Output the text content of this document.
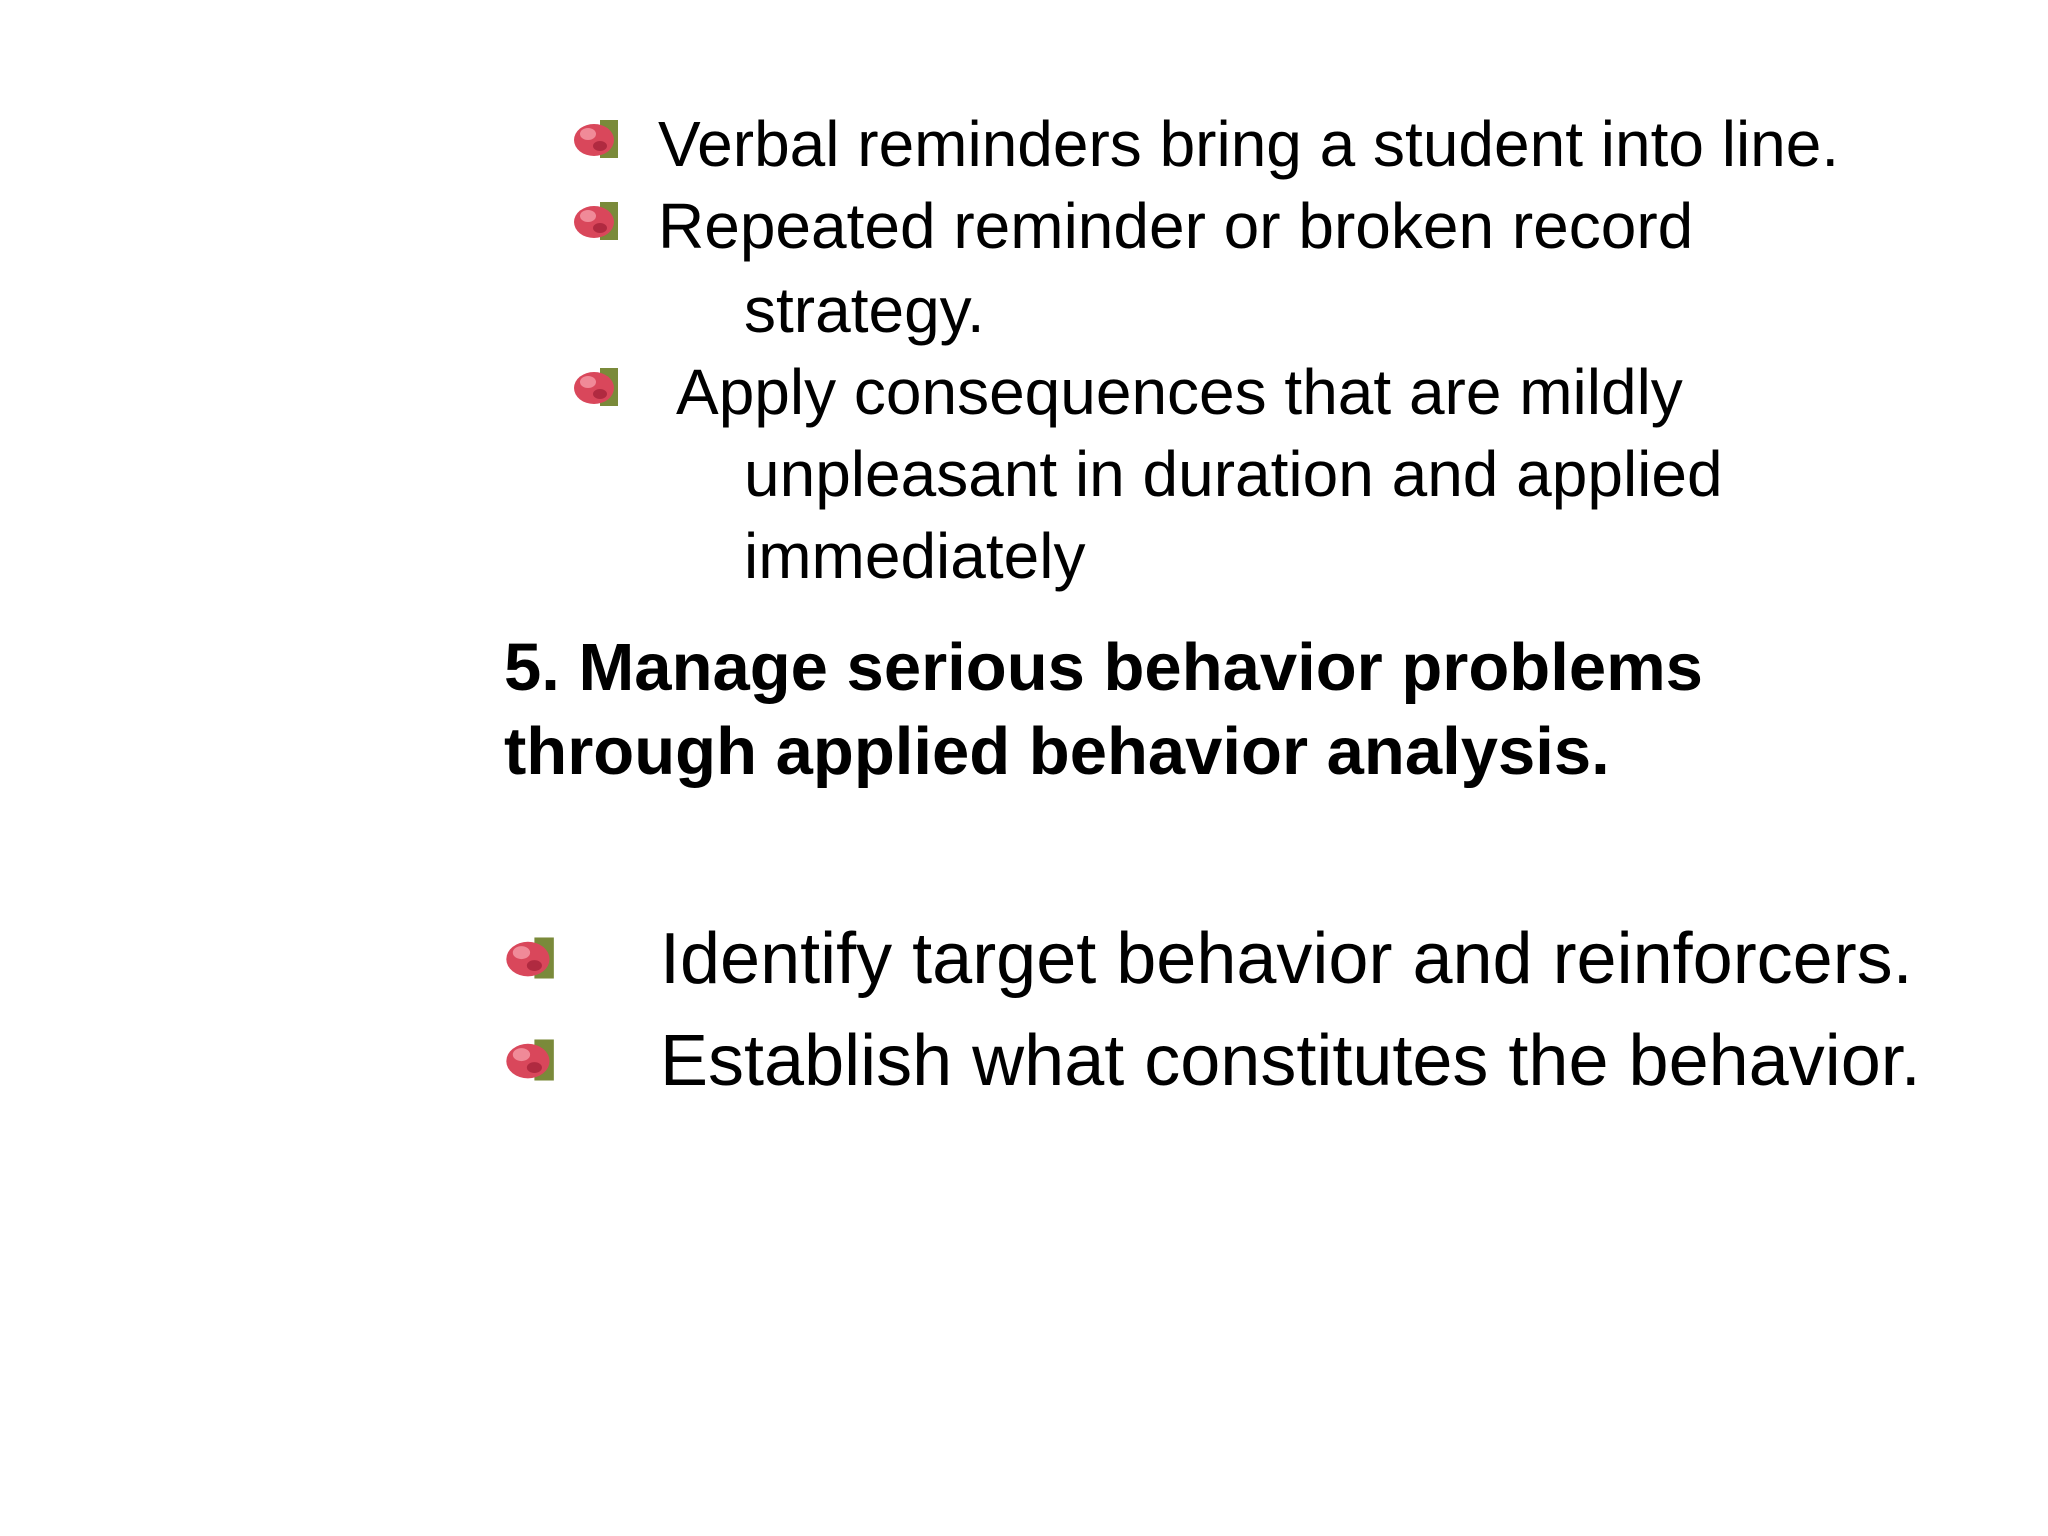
Verbal reminders bring a student into line.
Repeated reminder or broken record
strategy.
Apply consequences that are mildly
unpleasant in duration and applied
immediately
5. Manage serious behavior problems
through applied behavior analysis.
Identify target behavior and reinforcers.
Establish what constitutes the behavior.
